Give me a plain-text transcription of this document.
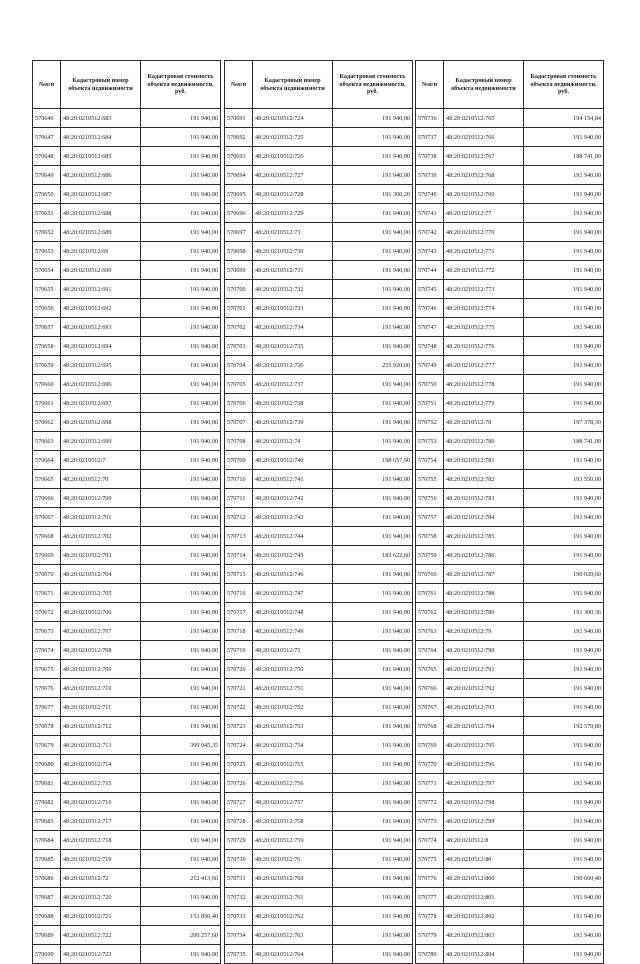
№п/п	Кадастровый номер объекта недвижимости	Кадастровая стоимость объекта недвижимости, руб.
570646	48:20:0210512:683	191 940,00
570647	48:20:0210512:684	191 940,00
570648	48:20:0210512:685	191 940,00
570649	48:20:0210512:686	191 940,00
570650	48:20:0210512:687	191 940,00
570651	48:20:0210512:688	191 940,00
570652	48:20:0210512:689	191 940,00
570653	48:20:0210512:69	191 940,00
570654	48:20:0210512:690	191 940,00
570655	48:20:0210512:691	191 940,00
570656	48:20:0210512:692	191 940,00
570657	48:20:0210512:693	191 940,00
570658	48:20:0210512:694	191 940,00
570659	48:20:0210512:695	191 940,00
570660	48:20:0210512:696	191 940,00
570661	48:20:0210512:697	191 940,00
570662	48:20:0210512:698	191 940,00
570663	48:20:0210512:699	191 940,00
570664	48:20:0210512:7	191 940,00
570665	48:20:0210512:70	191 940,00
570666	48:20:0210512:700	191 940,00
570667	48:20:0210512:701	191 940,00
570668	48:20:0210512:702	191 940,00
570669	48:20:0210512:703	191 940,00
570670	48:20:0210512:704	191 940,00
570671	48:20:0210512:705	191 940,00
570672	48:20:0210512:706	191 940,00
570673	48:20:0210512:707	191 940,00
570674	48:20:0210512:708	191 940,00
570675	48:20:0210512:709	191 940,00
570676	48:20:0210512:710	191 940,00
570677	48:20:0210512:711	191 940,00
570678	48:20:0210512:712	191 940,00
570679	48:20:0210512:713	399 945,35
570680	48:20:0210512:714	191 940,00
570681	48:20:0210512:715	191 940,00
570682	48:20:0210512:716	191 940,00
570683	48:20:0210512:717	191 940,00
570684	48:20:0210512:718	191 940,00
570685	48:20:0210512:719	191 940,00
570686	48:20:0210512:72	212 413,60
570687	48:20:0210512:720	191 940,00
570688	48:20:0210512:721	153 850,40
570689	48:20:0210512:722	200 257,60
570690	48:20:0210512:723	191 940,00
№п/п	Кадастровый номер объекта недвижимости	Кадастровая стоимость объекта недвижимости, руб.
570691	48:20:0210512:724	191 940,00
570692	48:20:0210512:725	191 940,00
570693	48:20:0210512:726	191 940,00
570694	48:20:0210512:727	191 940,00
570695	48:20:0210512:728	191 300,20
570696	48:20:0210512:729	191 940,00
570697	48:20:0210512:73	191 940,00
570698	48:20:0210512:730	191 940,00
570699	48:20:0210512:731	191 940,00
570700	48:20:0210512:732	191 940,00
570701	48:20:0210512:733	191 940,00
570702	48:20:0210512:734	191 940,00
570703	48:20:0210512:735	191 940,00
570704	48:20:0210512:736	255 920,00
570705	48:20:0210512:737	191 940,00
570706	48:20:0210512:738	191 940,00
570707	48:20:0210512:739	191 940,00
570708	48:20:0210512:74	191 940,00
570709	48:20:0210512:740	198 657,90
570710	48:20:0210512:741	191 940,00
570711	48:20:0210512:742	191 940,00
570712	48:20:0210512:743	191 940,00
570713	48:20:0210512:744	191 940,00
570714	48:20:0210512:745	183 622,60
570715	48:20:0210512:746	191 940,00
570716	48:20:0210512:747	191 940,00
570717	48:20:0210512:748	191 940,00
570718	48:20:0210512:749	191 940,00
570719	48:20:0210512:75	191 940,00
570720	48:20:0210512:750	191 940,00
570721	48:20:0210512:751	191 940,00
570722	48:20:0210512:752	191 940,00
570723	48:20:0210512:753	191 940,00
570724	48:20:0210512:754	191 940,00
570725	48:20:0210512:755	191 940,00
570726	48:20:0210512:756	191 940,00
570727	48:20:0210512:757	191 940,00
570728	48:20:0210512:758	191 940,00
570729	48:20:0210512:759	191 940,00
570730	48:20:0210512:76	191 940,00
570731	48:20:0210512:760	191 940,00
570732	48:20:0210512:761	191 940,00
570733	48:20:0210512:762	191 940,00
570734	48:20:0210512:763	191 940,00
570735	48:20:0210512:764	191 940,00
№п/п	Кадастровый номер объекта недвижимости	Кадастровая стоимость объекта недвижимости, руб.
570736	48:20:0210512:765	194 154,84
570737	48:20:0210512:766	191 940,00
570738	48:20:0210512:767	188 741,00
570739	48:20:0210512:768	191 940,00
570740	48:20:0210512:769	191 940,00
570741	48:20:0210512:77	191 940,00
570742	48:20:0210512:770	191 940,00
570743	48:20:0210512:771	191 940,00
570744	48:20:0210512:772	191 940,00
570745	48:20:0210512:773	191 940,00
570746	48:20:0210512:774	191 940,00
570747	48:20:0210512:775	191 940,00
570748	48:20:0210512:776	191 940,00
570749	48:20:0210512:777	191 940,00
570750	48:20:0210512:778	191 940,00
570751	48:20:0210512:779	191 940,00
570752	48:20:0210512:78	197 378,30
570753	48:20:0210512:780	188 741,00
570754	48:20:0210512:781	191 940,00
570755	48:20:0210512:782	193 550,00
570756	48:20:0210512:783	191 940,00
570757	48:20:0210512:784	191 940,00
570758	48:20:0210512:785	191 940,00
570759	48:20:0210512:786	191 940,00
570760	48:20:0210512:787	190 020,60
570761	48:20:0210512:788	191 940,00
570762	48:20:0210512:789	191 300,36
570763	48:20:0210512:79	191 940,00
570764	48:20:0210512:790	191 940,00
570765	48:20:0210512:791	191 940,00
570766	48:20:0210512:792	191 940,00
570767	48:20:0210512:793	191 940,00
570768	48:20:0210512:794	192 579,80
570769	48:20:0210512:795	191 940,00
570770	48:20:0210512:796	191 940,00
570771	48:20:0210512:797	191 940,00
570772	48:20:0210512:798	191 940,00
570773	48:20:0210512:799	191 940,00
570774	48:20:0210512:8	191 940,00
570775	48:20:0210512:80	191 940,00
570776	48:20:0210512:800	190 660,40
570777	48:20:0210512:801	191 940,00
570778	48:20:0210512:802	191 940,00
570779	48:20:0210512:803	191 940,00
570780	48:20:0210512:804	191 940,00
